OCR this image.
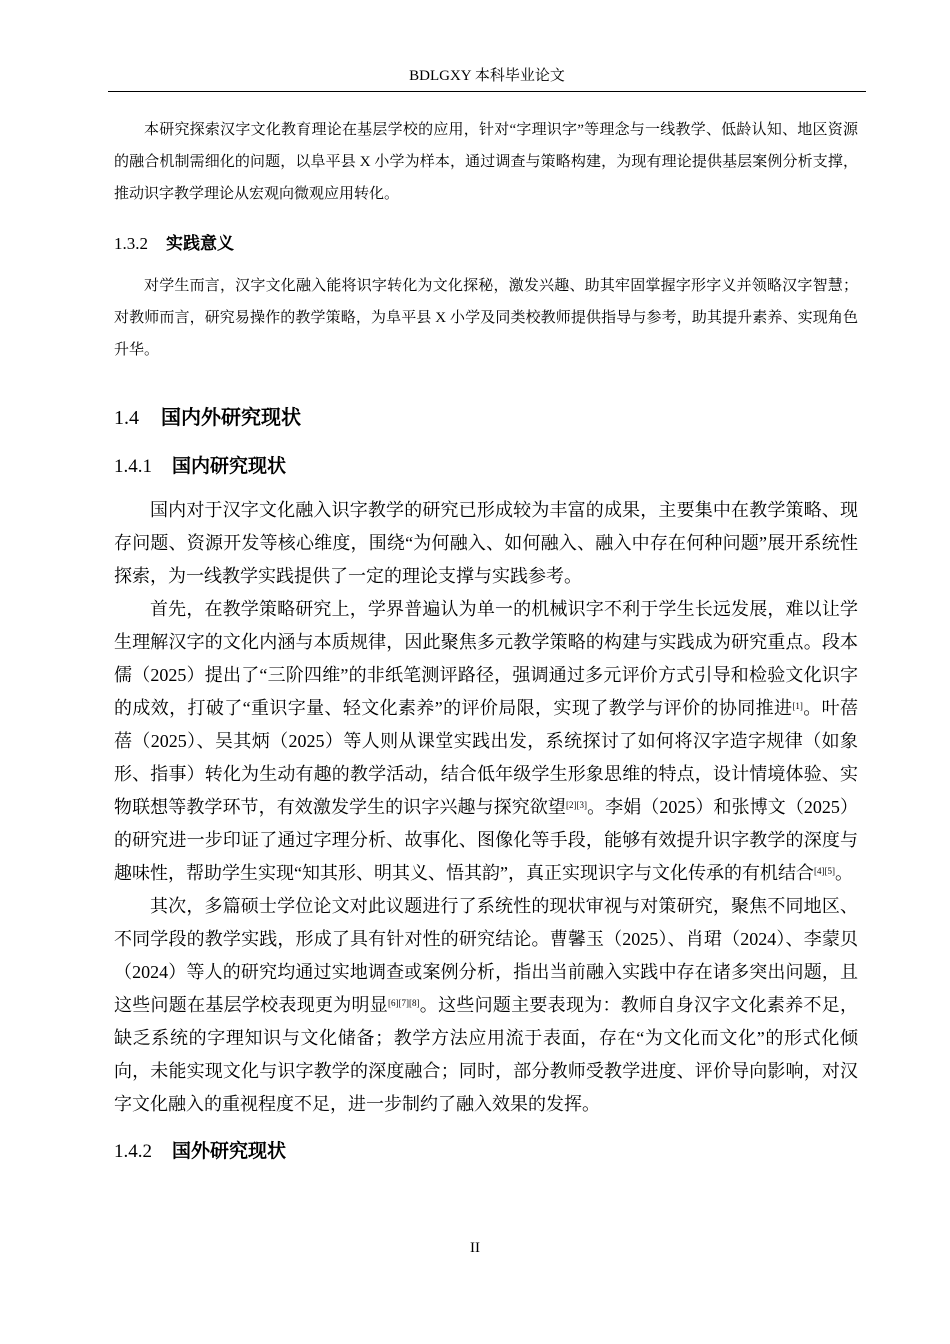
BDLGXY 本科毕业论文

本研究探索汉字文化教育理论在基层学校的应用，针对“字理识字”等理念与一线教学、低龄认知、地区资源的融合机制需细化的问题，以阜平县 X 小学为样本，通过调查与策略构建，为现有理论提供基层案例分析支撑，推动识字教学理论从宏观向微观应用转化。

1.3.2 实践意义

对学生而言，汉字文化融入能将识字转化为文化探秘，激发兴趣、助其牢固掌握字形字义并领略汉字智慧；对教师而言，研究易操作的教学策略，为阜平县 X 小学及同类校教师提供指导与参考，助其提升素养、实现角色升华。

1.4 国内外研究现状
1.4.1 国内研究现状

国内对于汉字文化融入识字教学的研究已形成较为丰富的成果，主要集中在教学策略、现存问题、资源开发等核心维度，围绕“为何融入、如何融入、融入中存在何种问题”展开系统性探索，为一线教学实践提供了一定的理论支撑与实践参考。

首先，在教学策略研究上，学界普遍认为单一的机械识字不利于学生长远发展，难以让学生理解汉字的文化内涵与本质规律，因此聚焦多元教学策略的构建与实践成为研究重点。段本儒（2025）提出了“三阶四维”的非纸笔测评路径，强调通过多元评价方式引导和检验文化识字的成效，打破了“重识字量、轻文化素养”的评价局限，实现了教学与评价的协同推进[1]。叶蓓蓓（2025）、吴其炳（2025）等人则从课堂实践出发，系统探讨了如何将汉字造字规律（如象形、指事）转化为生动有趣的教学活动，结合低年级学生形象思维的特点，设计情境体验、实物联想等教学环节，有效激发学生的识字兴趣与探究欲望[2][3]。李娟（2025）和张博文（2025）的研究进一步印证了通过字理分析、故事化、图像化等手段，能够有效提升识字教学的深度与趣味性，帮助学生实现“知其形、明其义、悟其韵”，真正实现识字与文化传承的有机结合[4][5]。

其次，多篇硕士学位论文对此议题进行了系统性的现状审视与对策研究，聚焦不同地区、不同学段的教学实践，形成了具有针对性的研究结论。曹馨玉（2025）、肖珺（2024）、李蒙贝（2024）等人的研究均通过实地调查或案例分析，指出当前融入实践中存在诸多突出问题，且这些问题在基层学校表现更为明显[6][7][8]。这些问题主要表现为：教师自身汉字文化素养不足，缺乏系统的字理知识与文化储备；教学方法应用流于表面，存在“为文化而文化”的形式化倾向，未能实现文化与识字教学的深度融合；同时，部分教师受教学进度、评价导向影响，对汉字文化融入的重视程度不足，进一步制约了融入效果的发挥。

1.4.2 国外研究现状
II
